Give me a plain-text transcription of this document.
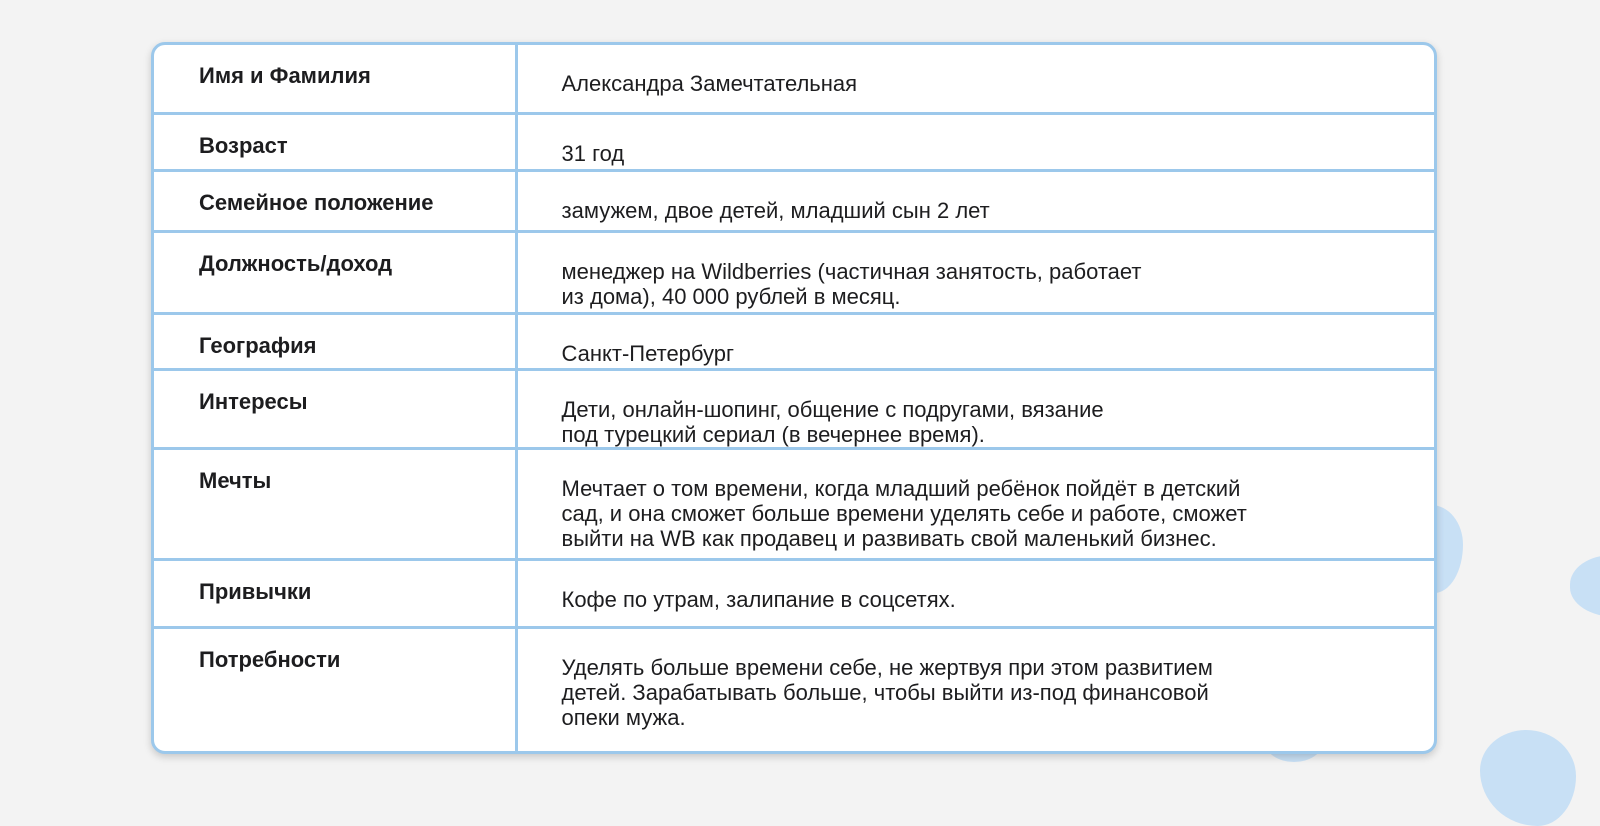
Имя и Фамилия	Александра Замечтательная
Возраст	31 год
Семейное положение	замужем, двое детей, младший сын 2 лет
Должность/доход	менеджер на Wildberries (частичная занятость, работает
из дома), 40 000 рублей в месяц.
География	Санкт-Петербург
Интересы	Дети, онлайн-шопинг, общение с подругами, вязание
под турецкий сериал (в вечернее время).
Мечты	Мечтает о том времени, когда младший ребёнок пойдёт в детский
сад, и она сможет больше времени уделять себе и работе, сможет
выйти на WB как продавец и развивать свой маленький бизнес.
Привычки	Кофе по утрам, залипание в соцсетях.
Потребности	Уделять больше времени себе, не жертвуя при этом развитием
детей. Зарабатывать больше, чтобы выйти из-под финансовой
опеки мужа.
